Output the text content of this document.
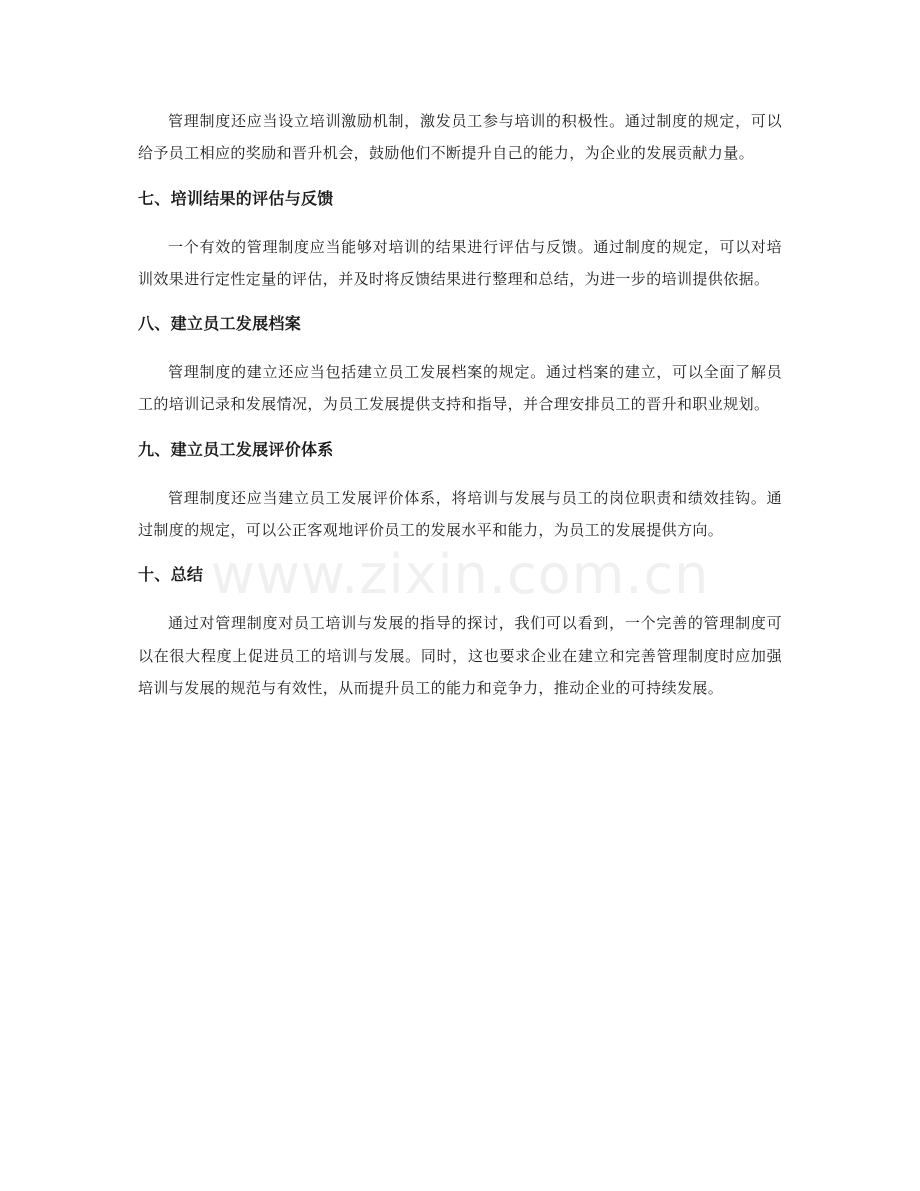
管理制度还应当设立培训激励机制，激发员工参与培训的积极性。通过制度的规定，可以给予员工相应的奖励和晋升机会，鼓励他们不断提升自己的能力，为企业的发展贡献力量。

七、培训结果的评估与反馈

一个有效的管理制度应当能够对培训的结果进行评估与反馈。通过制度的规定，可以对培训效果进行定性定量的评估，并及时将反馈结果进行整理和总结，为进一步的培训提供依据。

八、建立员工发展档案

管理制度的建立还应当包括建立员工发展档案的规定。通过档案的建立，可以全面了解员工的培训记录和发展情况，为员工发展提供支持和指导，并合理安排员工的晋升和职业规划。

九、建立员工发展评价体系

管理制度还应当建立员工发展评价体系，将培训与发展与员工的岗位职责和绩效挂钩。通过制度的规定，可以公正客观地评价员工的发展水平和能力，为员工的发展提供方向。

十、总结

通过对管理制度对员工培训与发展的指导的探讨，我们可以看到，一个完善的管理制度可以在很大程度上促进员工的培训与发展。同时，这也要求企业在建立和完善管理制度时应加强培训与发展的规范与有效性，从而提升员工的能力和竞争力，推动企业的可持续发展。

www.zixin.com.cn
